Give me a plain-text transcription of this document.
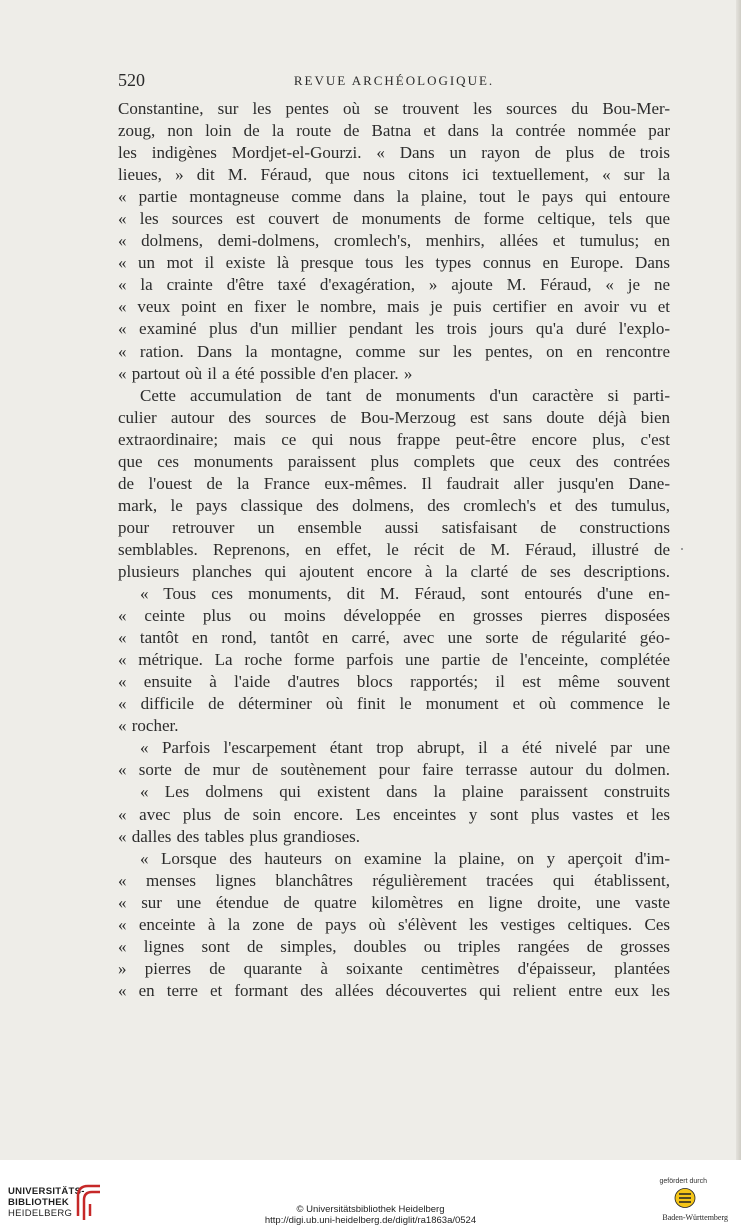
520	REVUE ARCHÉOLOGIQUE.
Constantine, sur les pentes où se trouvent les sources du Bou-Mer-
zoug, non loin de la route de Batna et dans la contrée nommée par
les indigènes Mordjet-el-Gourzi. « Dans un rayon de plus de trois
lieues, » dit M. Féraud, que nous citons ici textuellement, « sur la
« partie montagneuse comme dans la plaine, tout le pays qui entoure
« les sources est couvert de monuments de forme celtique, tels que
« dolmens, demi-dolmens, cromlech's, menhirs, allées et tumulus; en
« un mot il existe là presque tous les types connus en Europe. Dans
« la crainte d'être taxé d'exagération, » ajoute M. Féraud, « je ne
« veux point en fixer le nombre, mais je puis certifier en avoir vu et
« examiné plus d'un millier pendant les trois jours qu'a duré l'explo-
« ration. Dans la montagne, comme sur les pentes, on en rencontre
« partout où il a été possible d'en placer. »
Cette accumulation de tant de monuments d'un caractère si parti-
culier autour des sources de Bou-Merzoug est sans doute déjà bien
extraordinaire; mais ce qui nous frappe peut-être encore plus, c'est
que ces monuments paraissent plus complets que ceux des contrées
de l'ouest de la France eux-mêmes. Il faudrait aller jusqu'en Dane-
mark, le pays classique des dolmens, des cromlech's et des tumulus,
pour retrouver un ensemble aussi satisfaisant de constructions
semblables. Reprenons, en effet, le récit de M. Féraud, illustré de
plusieurs planches qui ajoutent encore à la clarté de ses descriptions.
« Tous ces monuments, dit M. Féraud, sont entourés d'une en-
« ceinte plus ou moins développée en grosses pierres disposées
« tantôt en rond, tantôt en carré, avec une sorte de régularité géo-
« métrique. La roche forme parfois une partie de l'enceinte, complétée
« ensuite à l'aide d'autres blocs rapportés; il est même souvent
« difficile de déterminer où finit le monument et où commence le
« rocher.
« Parfois l'escarpement étant trop abrupt, il a été nivelé par une
« sorte de mur de soutènement pour faire terrasse autour du dolmen.
« Les dolmens qui existent dans la plaine paraissent construits
« avec plus de soin encore. Les enceintes y sont plus vastes et les
« dalles des tables plus grandioses.
« Lorsque des hauteurs on examine la plaine, on y aperçoit d'im-
« menses lignes blanchâtres régulièrement tracées qui établissent,
« sur une étendue de quatre kilomètres en ligne droite, une vaste
« enceinte à la zone de pays où s'élèvent les vestiges celtiques. Ces
« lignes sont de simples, doubles ou triples rangées de grosses
» pierres de quarante à soixante centimètres d'épaisseur, plantées
« en terre et formant des allées découvertes qui relient entre eux les
UNIVERSITÄTS-
BIBLIOTHEK
HEIDELBERG	© Universitätsbibliothek Heidelberg
http://digi.ub.uni-heidelberg.de/diglit/ra1863a/0524
gefördert durch
Baden-Württemberg
